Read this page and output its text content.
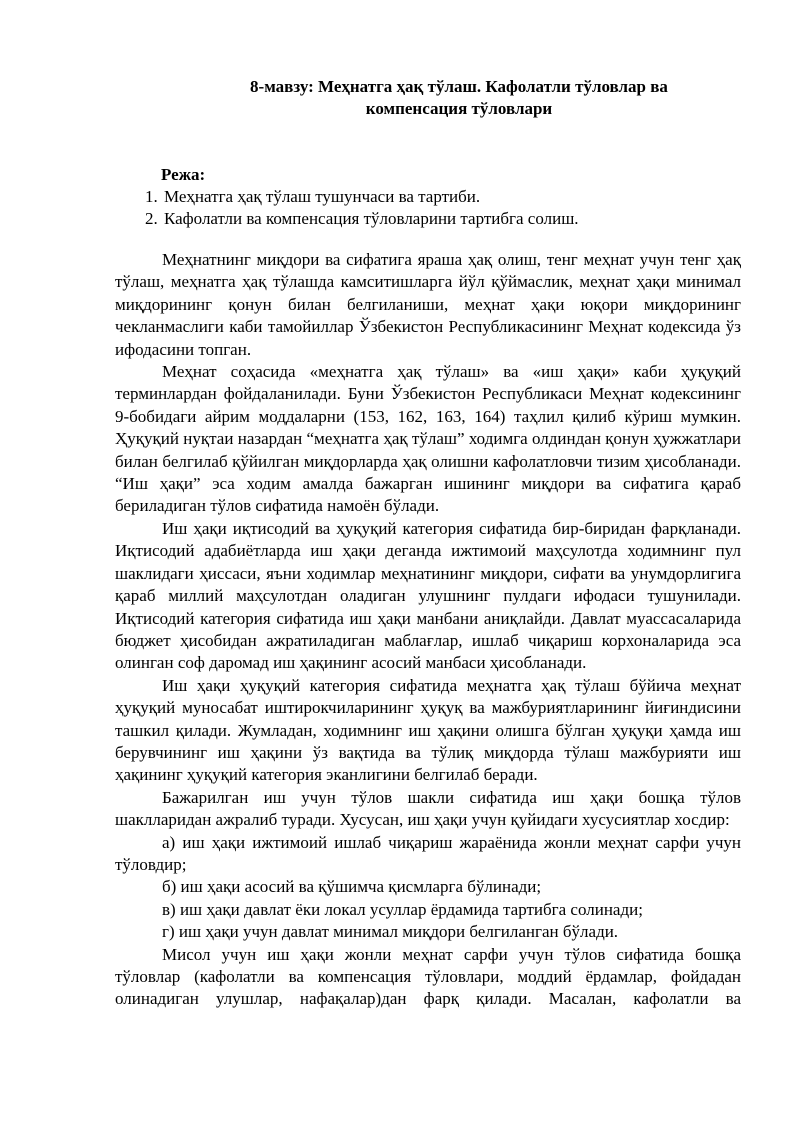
8-мавзу: Меҳнатга ҳақ тўлаш. Кафолатли тўловлар ва
компенсация тўловлари
Режа:
1. Меҳнатга ҳақ тўлаш тушунчаси ва тартиби.
2. Кафолатли ва компенсация тўловларини тартибга солиш.

Меҳнатнинг миқдори ва сифатига яраша ҳақ олиш, тенг меҳнат учун тенг ҳақ тўлаш, меҳнатга ҳақ тўлашда камситишларга йўл қўймаслик, меҳнат ҳақи минимал миқдорининг қонун билан белгиланиши, меҳнат ҳақи юқори миқдорининг чекланмаслиги каби тамойиллар Ўзбекистон Республикасининг Меҳнат кодексида ўз ифодасини топган.

Меҳнат соҳасида «меҳнатга ҳақ тўлаш» ва «иш ҳақи» каби ҳуқуқий терминлардан фойдаланилади. Буни Ўзбекистон Республикаси Меҳнат кодексининг 9-бобидаги айрим моддаларни (153, 162, 163, 164) таҳлил қилиб кўриш мумкин. Ҳуқуқий нуқтаи назардан “меҳнатга ҳақ тўлаш” ходимга олдиндан қонун ҳужжатлари билан белгилаб қўйилган миқдорларда ҳақ олишни кафолатловчи тизим ҳисобланади. “Иш ҳақи” эса ходим амалда бажарган ишининг миқдори ва сифатига қараб бериладиган тўлов сифатида намоён бўлади.

Иш ҳақи иқтисодий ва ҳуқуқий категория сифатида бир-биридан фарқланади. Иқтисодий адабиётларда иш ҳақи деганда ижтимоий маҳсулотда ходимнинг пул шаклидаги ҳиссаси, яъни ходимлар меҳнатининг миқдори, сифати ва унумдорлигига қараб миллий маҳсулотдан оладиган улушнинг пулдаги ифодаси тушунилади. Иқтисодий категория сифатида иш ҳақи манбани аниқлайди. Давлат муассасаларида бюджет ҳисобидан ажратиладиган маблағлар, ишлаб чиқариш корхоналарида эса олинган соф даромад иш ҳақининг асосий манбаси ҳисобланади.

Иш ҳақи ҳуқуқий категория сифатида меҳнатга ҳақ тўлаш бўйича меҳнат ҳуқуқий муносабат иштирокчиларининг ҳуқуқ ва мажбуриятларининг йиғиндисини ташкил қилади. Жумладан, ходимнинг иш ҳақини олишга бўлган ҳуқуқи ҳамда иш берувчининг иш ҳақини ўз вақтида ва тўлиқ миқдорда тўлаш мажбурияти иш ҳақининг ҳуқуқий категория эканлигини белгилаб беради.

Бажарилган иш учун тўлов шакли сифатида иш ҳақи бошқа тўлов шаклларидан ажралиб туради. Хусусан, иш ҳақи учун қуйидаги хусусиятлар хосдир:

а) иш ҳақи ижтимоий ишлаб чиқариш жараёнида жонли меҳнат сарфи учун тўловдир;

б) иш ҳақи асосий ва қўшимча қисмларга бўлинади;

в) иш ҳақи давлат ёки локал усуллар ёрдамида тартибга солинади;

г) иш ҳақи учун давлат минимал миқдори белгиланган бўлади.

Мисол учун иш ҳақи жонли меҳнат сарфи учун тўлов сифатида бошқа тўловлар (кафолатли ва компенсация тўловлари, моддий ёрдамлар, фойдадан олинадиган улушлар, нафақалар)дан фарқ қилади. Масалан, кафолатли ва
